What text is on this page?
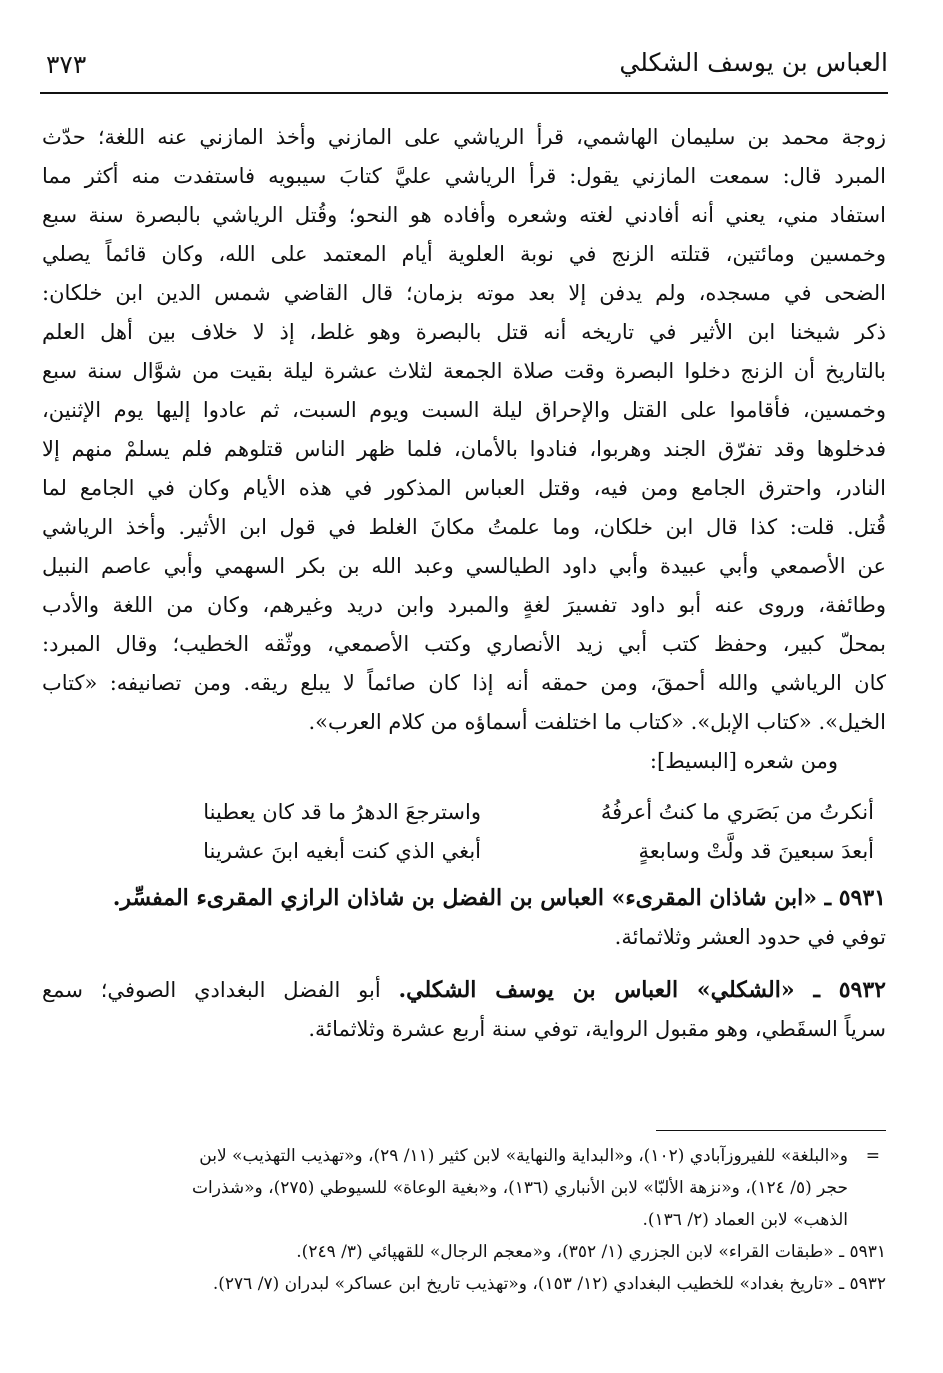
العباس بن يوسف الشكلي
٣٧٣
زوجة محمد بن سليمان الهاشمي، قرأ الرياشي على المازني وأخذ المازني عنه اللغة؛ حدّث
المبرد قال: سمعت المازني يقول: قرأ الرياشي عليَّ كتابَ سيبويه فاستفدت منه أكثر مما
استفاد مني، يعني أنه أفادني لغته وشعره وأفاده هو النحو؛ وقُتل الرياشي بالبصرة سنة سبع
وخمسين ومائتين، قتلته الزنج في نوبة العلوية أيام المعتمد على الله، وكان قائماً يصلي
الضحى في مسجده، ولم يدفن إلا بعد موته بزمان؛ قال القاضي شمس الدين ابن خلكان:
ذكر شيخنا ابن الأثير في تاريخه أنه قتل بالبصرة وهو غلط، إذ لا خلاف بين أهل العلم
بالتاريخ أن الزنج دخلوا البصرة وقت صلاة الجمعة لثلاث عشرة ليلة بقيت من شوَّال سنة سبع
وخمسين، فأقاموا على القتل والإحراق ليلة السبت ويوم السبت، ثم عادوا إليها يوم الإثنين،
فدخلوها وقد تفرّق الجند وهربوا، فنادوا بالأمان، فلما ظهر الناس قتلوهم فلم يسلمْ منهم إلا
النادر، واحترق الجامع ومن فيه، وقتل العباس المذكور في هذه الأيام وكان في الجامع لما
قُتل. قلت: كذا قال ابن خلكان، وما علمتُ مكانَ الغلط في قول ابن الأثير. وأخذ الرياشي
عن الأصمعي وأبي عبيدة وأبي داود الطيالسي وعبد الله بن بكر السهمي وأبي عاصم النبيل
وطائفة، وروى عنه أبو داود تفسيرَ لغةٍ والمبرد وابن دريد وغيرهم، وكان من اللغة والأدب
بمحلّ كبير، وحفظ كتب أبي زيد الأنصاري وكتب الأصمعي، ووثّقه الخطيب؛ وقال المبرد:
كان الرياشي والله أحمقَ، ومن حمقه أنه إذا كان صائماً لا يبلع ريقه. ومن تصانيفه: «كتاب
الخيل». «كتاب الإبل». «كتاب ما اختلفت أسماؤه من كلام العرب».
ومن شعره [البسيط]:
أنكرتُ من بَصَري ما كنتُ أعرفُهُ
واسترجعَ الدهرُ ما قد كان يعطينا
أبعدَ سبعينَ قد ولَّتْ وسابعةٍ
أبغي الذي كنت أبغيه ابنَ عشرينا
٥٩٣١ ـ «ابن شاذان المقرىء» العباس بن الفضل بن شاذان الرازي المقرىء المفسِّر.
توفي في حدود العشر وثلاثمائة.
٥٩٣٢ ـ «الشكلي» العباس بن يوسف الشكلي. أبو الفضل البغدادي الصوفي؛ سمع
سرياً السقَطي، وهو مقبول الرواية، توفي سنة أربع عشرة وثلاثمائة.
=
و«البلغة» للفيروزآبادي (١٠٢)، و«البداية والنهاية» لابن كثير (١١/ ٢٩)، و«تهذيب التهذيب» لابن
حجر (٥/ ١٢٤)، و«نزهة الألبّا» لابن الأنباري (١٣٦)، و«بغية الوعاة» للسيوطي (٢٧٥)، و«شذرات
الذهب» لابن العماد (٢/ ١٣٦).
٥٩٣١ ـ «طبقات القراء» لابن الجزري (١/ ٣٥٢)، و«معجم الرجال» للقهپائي (٣/ ٢٤٩).
٥٩٣٢ ـ «تاريخ بغداد» للخطيب البغدادي (١٢/ ١٥٣)، و«تهذيب تاريخ ابن عساكر» لبدران (٧/ ٢٧٦).
